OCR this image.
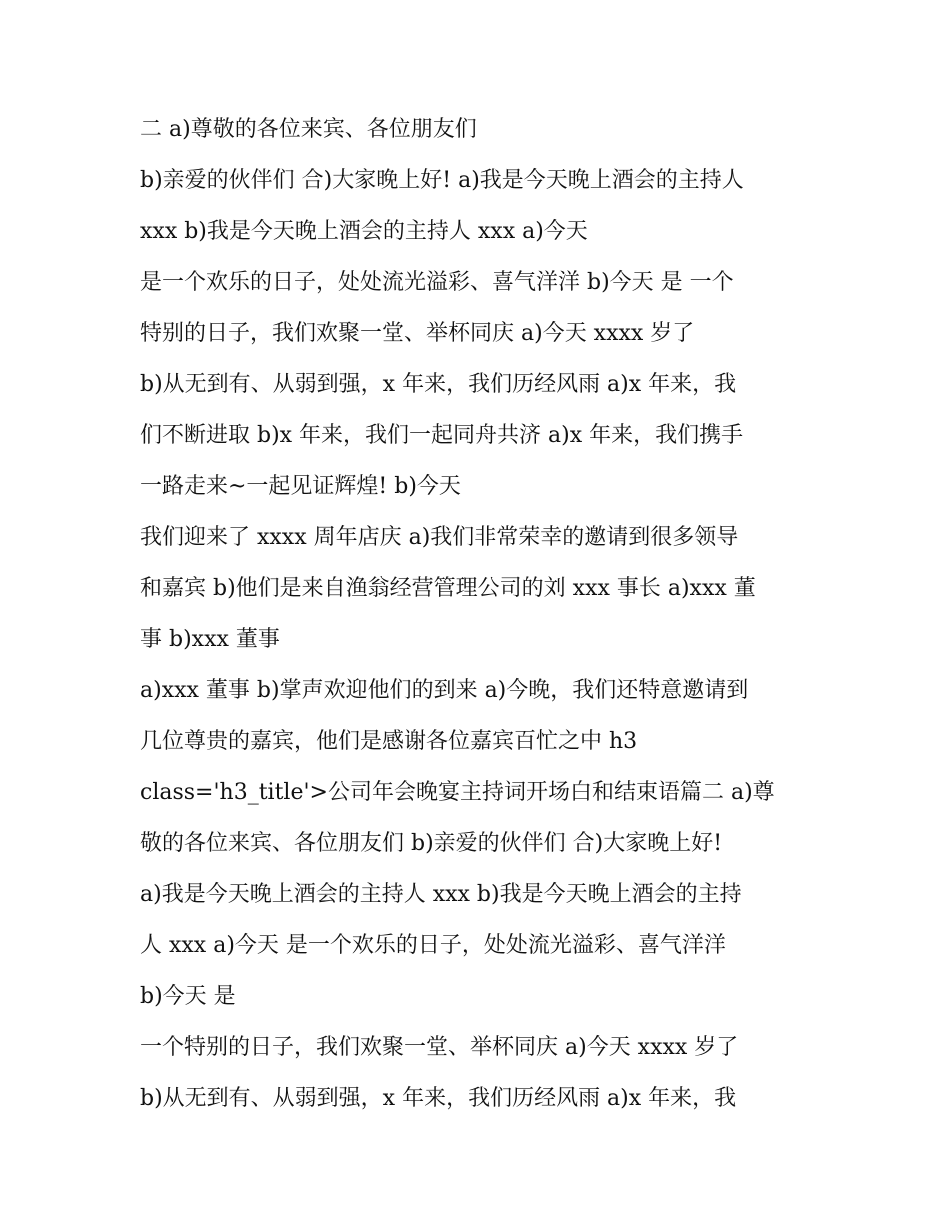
二 a)尊敬的各位来宾、各位朋友们
b)亲爱的伙伴们 合)大家晚上好! a)我是今天晚上酒会的主持人
xxx b)我是今天晚上酒会的主持人 xxx a)今天
是一个欢乐的日子，处处流光溢彩、喜气洋洋 b)今天 是 一个
特别的日子，我们欢聚一堂、举杯同庆 a)今天 xxxx 岁了
b)从无到有、从弱到强，x 年来，我们历经风雨 a)x 年来，我
们不断进取 b)x 年来，我们一起同舟共济 a)x 年来，我们携手
一路走来~一起见证辉煌! b)今天
我们迎来了 xxxx 周年店庆 a)我们非常荣幸的邀请到很多领导
和嘉宾 b)他们是来自渔翁经营管理公司的刘 xxx 事长 a)xxx 董
事 b)xxx 董事
a)xxx 董事 b)掌声欢迎他们的到来 a)今晚，我们还特意邀请到
几位尊贵的嘉宾，他们是感谢各位嘉宾百忙之中 h3
class='h3_title'>公司年会晚宴主持词开场白和结束语篇二 a)尊
敬的各位来宾、各位朋友们 b)亲爱的伙伴们 合)大家晚上好!
a)我是今天晚上酒会的主持人 xxx b)我是今天晚上酒会的主持
人 xxx a)今天 是一个欢乐的日子，处处流光溢彩、喜气洋洋
b)今天 是
一个特别的日子，我们欢聚一堂、举杯同庆 a)今天 xxxx 岁了
b)从无到有、从弱到强，x 年来，我们历经风雨 a)x 年来，我
